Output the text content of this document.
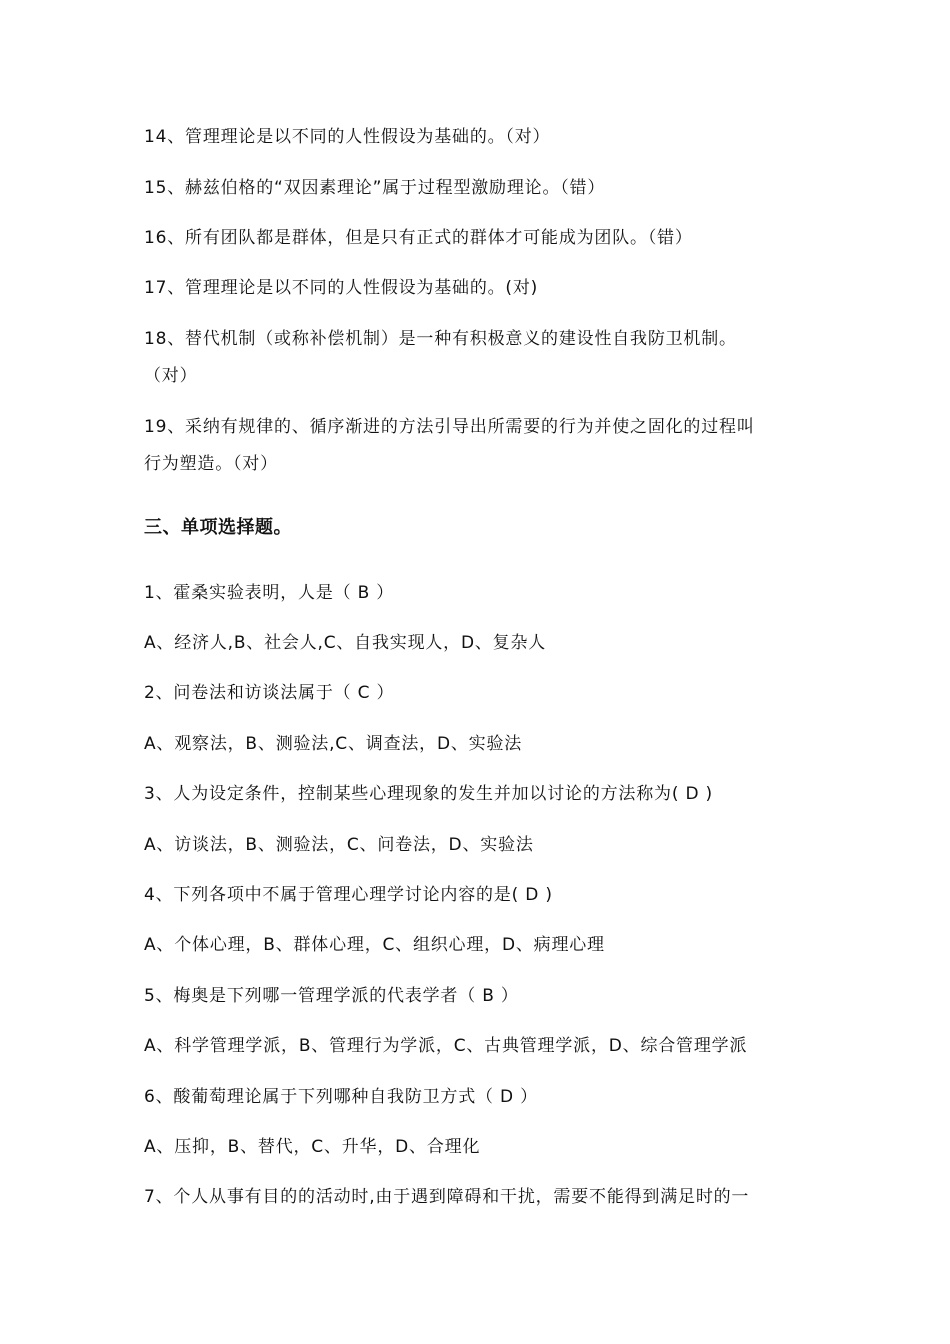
14、管理理论是以不同的人性假设为基础的。（对）
15、赫兹伯格的“双因素理论”属于过程型激励理论。（错）
16、所有团队都是群体，但是只有正式的群体才可能成为团队。（错）
17、管理理论是以不同的人性假设为基础的。(对)
18、替代机制（或称补偿机制）是一种有积极意义的建设性自我防卫机制。
（对）
19、采纳有规律的、循序渐进的方法引导出所需要的行为并使之固化的过程叫
行为塑造。（对）
三、单项选择题。
1、霍桑实验表明，人是（ B ）
A、经济人,B、社会人,C、自我实现人，D、复杂人
2、问卷法和访谈法属于（ C ）
A、观察法，B、测验法,C、调查法，D、实验法
3、人为设定条件，控制某些心理现象的发生并加以讨论的方法称为( D )
A、访谈法，B、测验法，C、问卷法，D、实验法
4、下列各项中不属于管理心理学讨论内容的是( D )
A、个体心理，B、群体心理，C、组织心理，D、病理心理
5、梅奥是下列哪一管理学派的代表学者（ B ）
A、科学管理学派，B、管理行为学派，C、古典管理学派，D、综合管理学派
6、酸葡萄理论属于下列哪种自我防卫方式（ D ）
A、压抑，B、替代，C、升华，D、合理化
7、个人从事有目的的活动时,由于遇到障碍和干扰，需要不能得到满足时的一
